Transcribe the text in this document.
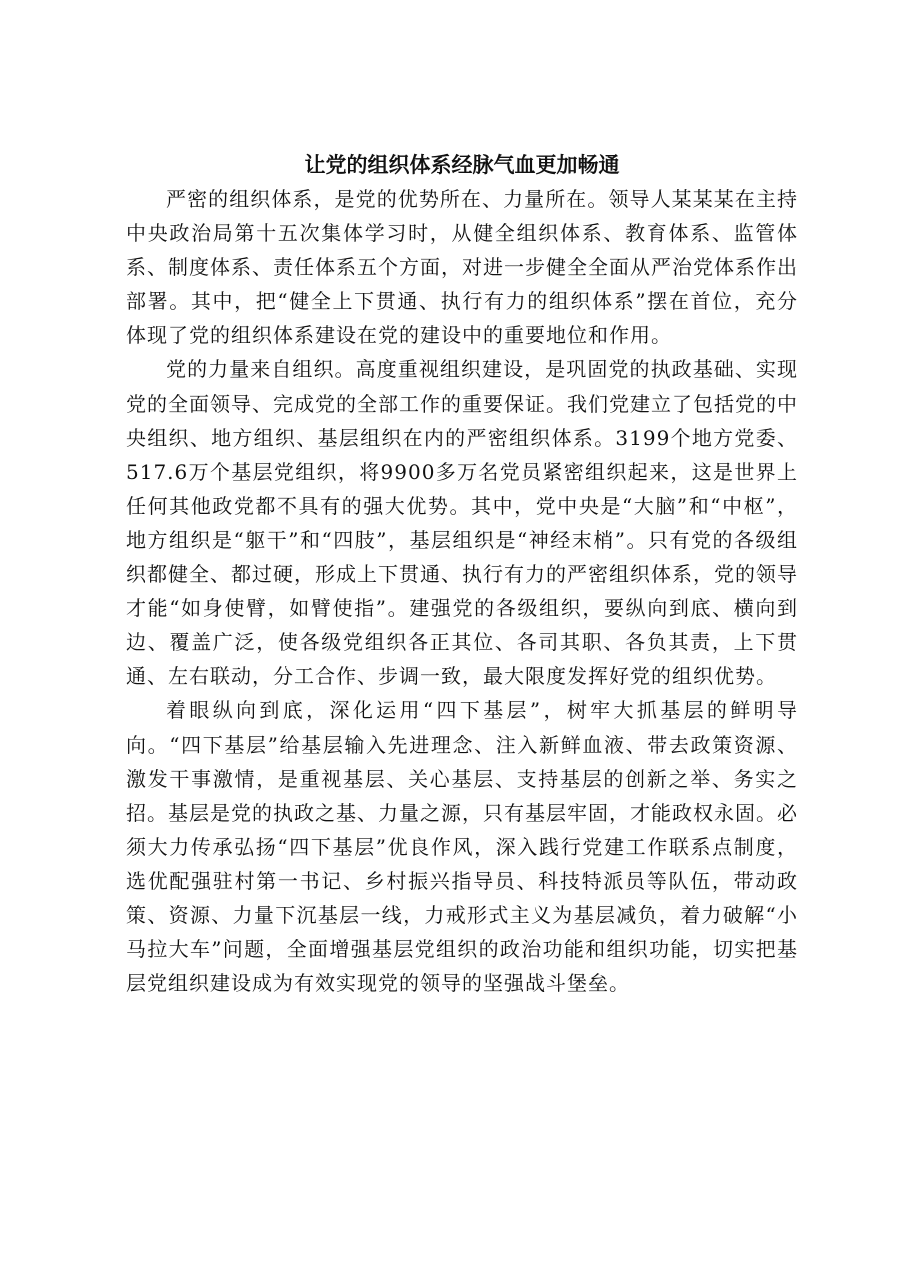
让党的组织体系经脉气血更加畅通

严密的组织体系，是党的优势所在、力量所在。领导人某某某在主持中央政治局第十五次集体学习时，从健全组织体系、教育体系、监管体系、制度体系、责任体系五个方面，对进一步健全全面从严治党体系作出部署。其中，把“健全上下贯通、执行有力的组织体系”摆在首位，充分体现了党的组织体系建设在党的建设中的重要地位和作用。

党的力量来自组织。高度重视组织建设，是巩固党的执政基础、实现党的全面领导、完成党的全部工作的重要保证。我们党建立了包括党的中央组织、地方组织、基层组织在内的严密组织体系。3199个地方党委、517.6万个基层党组织，将9900多万名党员紧密组织起来，这是世界上任何其他政党都不具有的强大优势。其中，党中央是“大脑”和“中枢”，地方组织是“躯干”和“四肢”，基层组织是“神经末梢”。只有党的各级组织都健全、都过硬，形成上下贯通、执行有力的严密组织体系，党的领导才能“如身使臂，如臂使指”。建强党的各级组织，要纵向到底、横向到边、覆盖广泛，使各级党组织各正其位、各司其职、各负其责，上下贯通、左右联动，分工合作、步调一致，最大限度发挥好党的组织优势。

着眼纵向到底，深化运用“四下基层”，树牢大抓基层的鲜明导向。“四下基层”给基层输入先进理念、注入新鲜血液、带去政策资源、激发干事激情，是重视基层、关心基层、支持基层的创新之举、务实之招。基层是党的执政之基、力量之源，只有基层牢固，才能政权永固。必须大力传承弘扬“四下基层”优良作风，深入践行党建工作联系点制度，选优配强驻村第一书记、乡村振兴指导员、科技特派员等队伍，带动政策、资源、力量下沉基层一线，力戒形式主义为基层减负，着力破解“小马拉大车”问题，全面增强基层党组织的政治功能和组织功能，切实把基层党组织建设成为有效实现党的领导的坚强战斗堡垒。
